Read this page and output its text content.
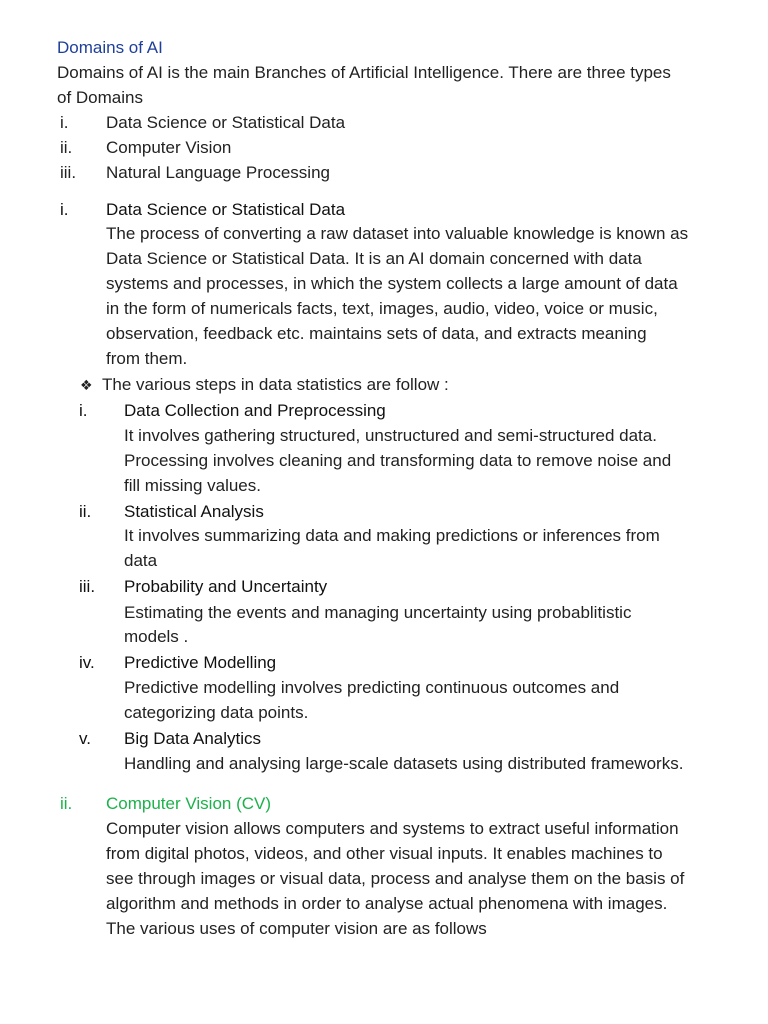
Domains of AI
Domains of AI is the main Branches of Artificial Intelligence. There are three types
of Domains
i. Data Science or Statistical Data
ii. Computer Vision
iii. Natural Language Processing
i. Data Science or Statistical Data
The process of converting a raw dataset into valuable knowledge is known as
Data Science or Statistical Data. It is an AI domain concerned with data
systems and processes, in which the system collects a large amount of data
in the form of numericals facts, text, images, audio, video, voice or music,
observation, feedback etc. maintains sets of data, and extracts meaning
from them.
❖ The various steps in data statistics are follow :
i. Data Collection and Preprocessing
It involves gathering structured, unstructured and semi-structured data.
Processing involves cleaning and transforming data to remove noise and
fill missing values.
ii. Statistical Analysis
It involves summarizing data and making predictions or inferences from
data
iii. Probability and Uncertainty
Estimating the events and managing uncertainty using probablitistic
models .
iv. Predictive Modelling
Predictive modelling involves predicting continuous outcomes and
categorizing data points.
v. Big Data Analytics
Handling and analysing large-scale datasets using distributed frameworks.
ii. Computer Vision (CV)
Computer vision allows computers and systems to extract useful information
from digital photos, videos, and other visual inputs. It enables machines to
see through images or visual data, process and analyse them on the basis of
algorithm and methods in order to analyse actual phenomena with images.
The various uses of computer vision are as follows
